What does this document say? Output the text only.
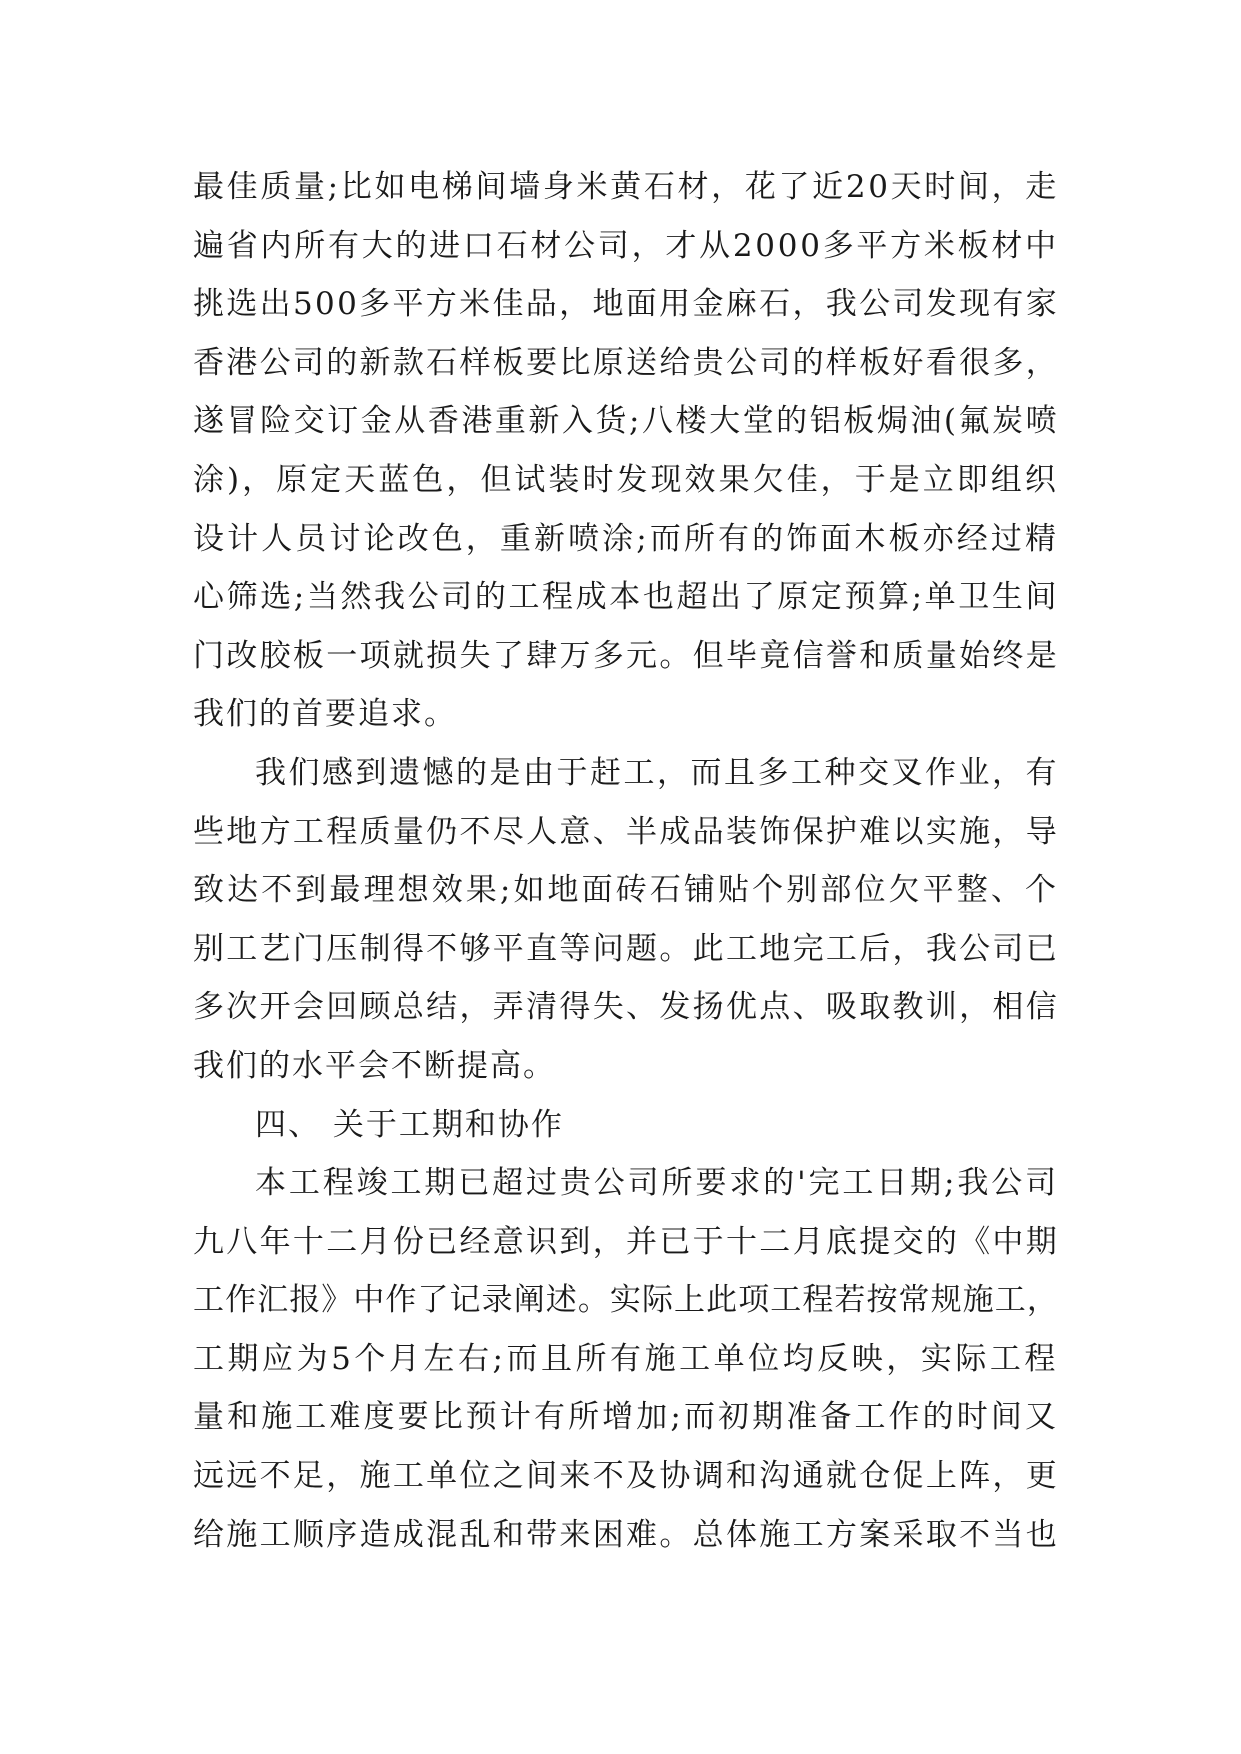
最佳质量;比如电梯间墙身米黄石材，花了近20天时间，走
遍省内所有大的进口石材公司，才从2000多平方米板材中
挑选出500多平方米佳品，地面用金麻石，我公司发现有家
香港公司的新款石样板要比原送给贵公司的样板好看很多，
遂冒险交订金从香港重新入货;八楼大堂的铝板焗油(氟炭喷
涂)，原定天蓝色，但试装时发现效果欠佳，于是立即组织
设计人员讨论改色，重新喷涂;而所有的饰面木板亦经过精
心筛选;当然我公司的工程成本也超出了原定预算;单卫生间
门改胶板一项就损失了肆万多元。但毕竟信誉和质量始终是
我们的首要追求。
我们感到遗憾的是由于赶工，而且多工种交叉作业，有
些地方工程质量仍不尽人意、半成品装饰保护难以实施，导
致达不到最理想效果;如地面砖石铺贴个别部位欠平整、个
别工艺门压制得不够平直等问题。此工地完工后，我公司已
多次开会回顾总结，弄清得失、发扬优点、吸取教训，相信
我们的水平会不断提高。
四、 关于工期和协作
本工程竣工期已超过贵公司所要求的'完工日期;我公司
九八年十二月份已经意识到，并已于十二月底提交的《中期
工作汇报》中作了记录阐述。实际上此项工程若按常规施工，
工期应为5个月左右;而且所有施工单位均反映，实际工程
量和施工难度要比预计有所增加;而初期准备工作的时间又
远远不足，施工单位之间来不及协调和沟通就仓促上阵，更
给施工顺序造成混乱和带来困难。总体施工方案采取不当也
